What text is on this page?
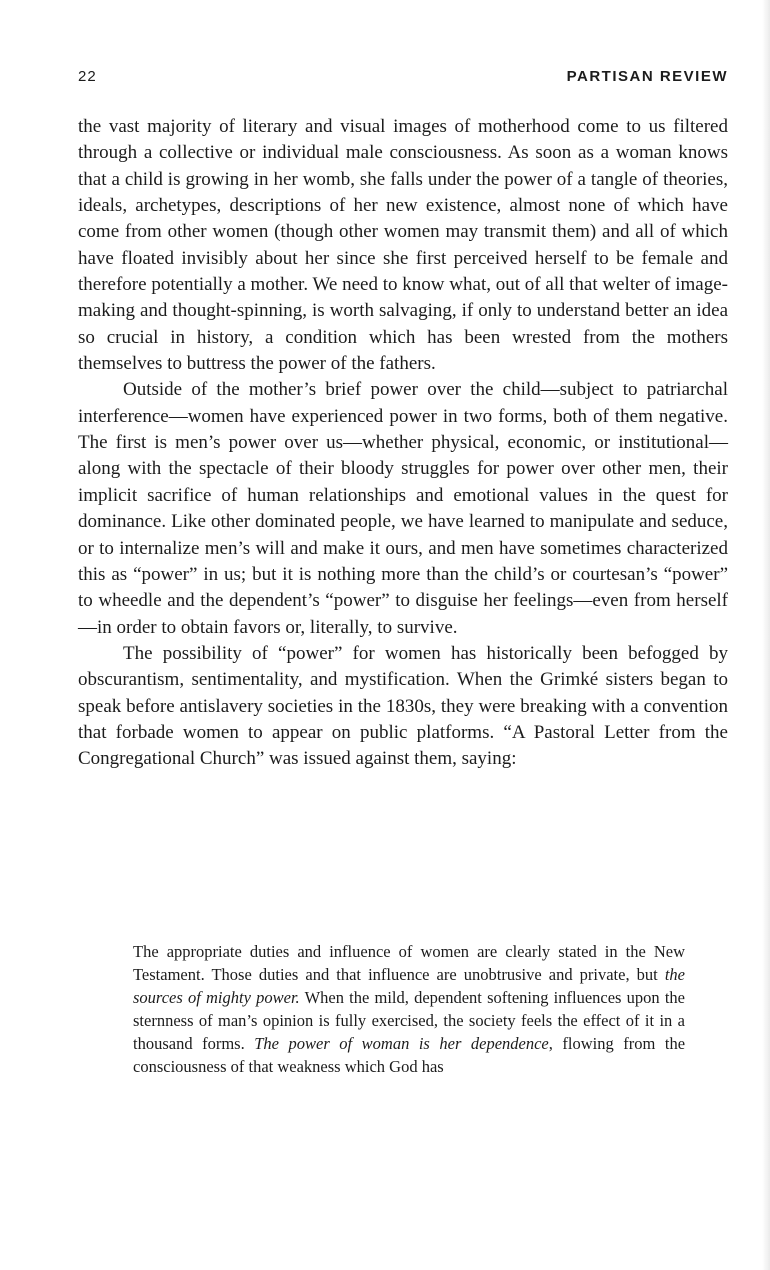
22	PARTISAN REVIEW

the vast majority of literary and visual images of motherhood come to us filtered through a collective or individual male consciousness. As soon as a woman knows that a child is growing in her womb, she falls under the power of a tangle of theories, ideals, archetypes, descriptions of her new existence, almost none of which have come from other women (though other women may transmit them) and all of which have floated invisibly about her since she first perceived herself to be female and therefore potentially a mother. We need to know what, out of all that welter of image-making and thought-spinning, is worth salvaging, if only to understand better an idea so crucial in history, a condition which has been wrested from the mothers themselves to buttress the power of the fathers.

Outside of the mother’s brief power over the child—subject to patriarchal interference—women have experienced power in two forms, both of them negative. The first is men’s power over us—whether physical, economic, or institutional—along with the spectacle of their bloody struggles for power over other men, their implicit sacrifice of human relationships and emotional values in the quest for dominance. Like other dominated people, we have learned to manipulate and seduce, or to internalize men’s will and make it ours, and men have sometimes characterized this as “power” in us; but it is nothing more than the child’s or courtesan’s “power” to wheedle and the dependent’s “power” to disguise her feelings—even from herself—in order to obtain favors or, literally, to survive.

The possibility of “power” for women has historically been befogged by obscurantism, sentimentality, and mystification. When the Grimké sisters began to speak before antislavery societies in the 1830s, they were breaking with a convention that forbade women to appear on public platforms. “A Pastoral Letter from the Congregational Church” was issued against them, saying:

The appropriate duties and influence of women are clearly stated in the New Testament. Those duties and that influence are unobtrusive and private, but the sources of mighty power. When the mild, dependent softening influences upon the sternness of man’s opinion is fully exercised, the society feels the effect of it in a thousand forms. The power of woman is her dependence, flowing from the consciousness of that weakness which God has
